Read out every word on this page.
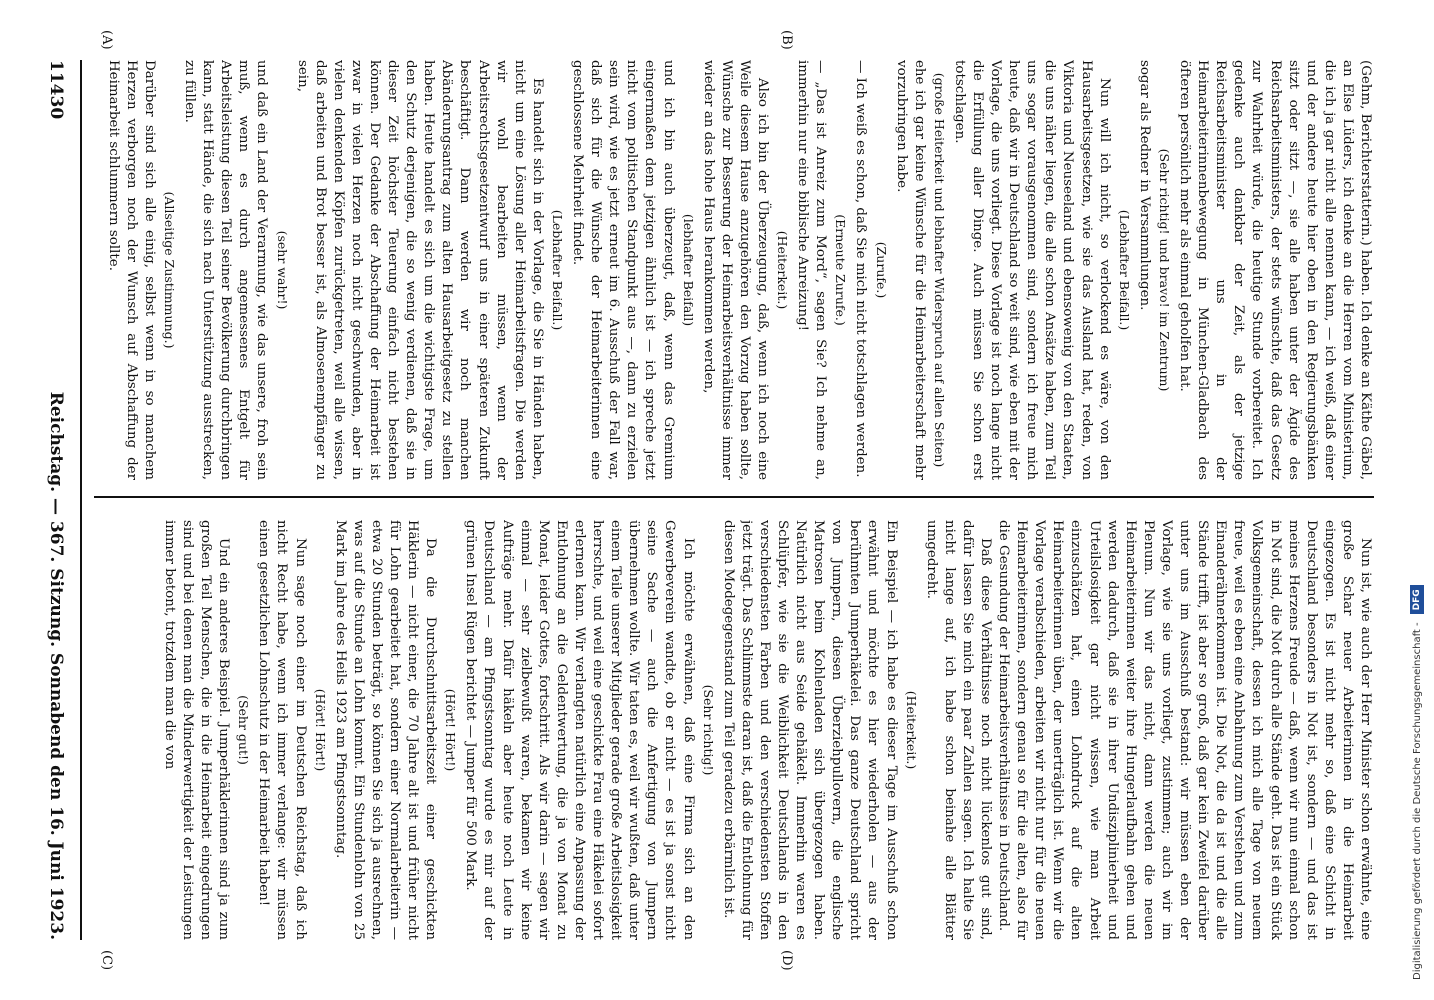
11430
Reichstag. — 367. Sitzung. Sonnabend den 16. Juni 1923.
(A)	(B)
(C)	(D)

(Gehm, Berichterstatterin.) haben. Ich denke an Käthe Gäbel, an Else Lüders, ich denke an die Herren vom Ministerium, die ich ja gar nicht alle nennen kann, — ich weiß, daß einer und der andere heute hier oben in den Regierungsbänken sitzt oder sitzt —, sie alle haben unter der Ägide des Reichsarbeitsministers, der stets wünschte, daß das Gesetz zur Wahrheit würde, die heutige Stunde vorbereitet. Ich gedenke auch dankbar der Zeit, als der jetzige Reichsarbeitsminister uns in der Heimarbeiterinnenbewegung in München-Gladbach des öfteren persönlich mehr als einmal geholfen hat.

(Sehr richtig! und bravo! im Zentrum)

sogar als Redner in Versammlungen.

(Lebhafter Beifall.)

Nun will ich nicht, so verlockend es wäre, von den Hausarbeitsgesetzen, wie sie das Ausland hat, reden, von Viktoria und Neuseeland und ebensowenig von den Staaten, die uns näher liegen, die alle schon Ansätze haben, zum Teil uns sogar vorausgenommen sind, sondern ich freue mich heute, daß wir in Deutschland so weit sind, wie eben mit der Vorlage, die uns vorliegt. Diese Vorlage ist noch lange nicht die Erfüllung aller Dinge. Auch müssen Sie schon erst totschlagen.

(große Heiterkeit und lebhafter Widerspruch auf allen Seiten)

ehe ich gar keine Wünsche für die Heimarbeiterschaft mehr vorzubringen habe.

(Zurufe.)

— Ich weiß es schon, daß Sie mich nicht totschlagen werden.

(Erneute Zurufe.)

— „Das ist Anreiz zum Mord“, sagen Sie? Ich nehme an, immerhin nur eine biblische Anreizung!

(Heiterkeit.)

Also ich bin der Überzeugung, daß, wenn ich noch eine Weile diesem Hause anzugehören den Vorzug haben sollte, Wünsche zur Besserung der Heimarbeitsverhältnisse immer wieder an das hohe Haus herankommen werden,

(lebhafter Beifall)

und ich bin auch überzeugt, daß, wenn das Gremium eingermaßen dem jetzigen ähnlich ist — ich spreche jetzt nicht vom politischen Standpunkt aus —, dann zu erzielen sein wird, wie es jetzt erneut im 6. Ausschuß der Fall war, daß sich für die Wünsche der Heimarbeiterinnen eine geschlossene Mehrheit findet.

(Lebhafter Beifall.)

Es handelt sich in der Vorlage, die Sie in Händen haben, nicht um eine Lösung aller Heimarbeitsfragen. Die werden wir wohl bearbeiten müssen, wenn der Arbeitsrechtsgesetzentwurf uns in einer späteren Zukunft beschäftigt. Dann werden wir noch manchen Abänderungsantrag zum alten Hausarbeitgesetz zu stellen haben. Heute handelt es sich um die wichtigste Frage, um den Schutz derjenigen, die so wenig verdienen, daß sie in dieser Zeit höchster Teuerung einfach nicht bestehen können. Der Gedanke der Abschaffung der Heimarbeit ist zwar in vielen Herzen noch nicht geschwunden, aber in vielen denkenden Köpfen zurückgetreten, weil alle wissen, daß arbeiten und Brot besser ist, als Almosenempfänger zu sein,

(sehr wahr!)

und daß ein Land der Verarmung, wie das unsere, froh sein muß, wenn es durch angemessenes Entgelt für Arbeitsleistung diesen Teil seiner Bevölkerung durchbringen kann, statt Hände, die sich nach Unterstützung ausstrecken, zu füllen.

(Allseitige Zustimmung.)

Darüber sind sich alle einig, selbst wenn in so manchem Herzen verborgen noch der Wunsch auf Abschaffung der Heimarbeit schlummern sollte.

Nun ist, wie auch der Herr Minister schon erwähnte, eine große Schar neuer Arbeiterinnen in die Heimarbeit eingezogen. Es ist nicht mehr so, daß eine Schicht in Deutschland besonders in Not ist, sondern — und das ist meines Herzens Freude — daß, wenn wir nun einmal schon in Not sind, die Not durch alle Stände geht. Das ist ein Stück Volksgemeinschaft, dessen ich mich alle Tage von neuem freue, weil es eben eine Anbahnung zum Verstehen und zum Einanderähnerkommen ist. Die Not, die da ist und die alle Stände trifft, ist aber so groß, daß gar kein Zweifel darüber unter uns im Ausschuß bestand: wir müssen eben der Vorlage, wie sie uns vorliegt, zustimmen; auch wir im Plenum. Nun wir das nicht, dann werden die neuen Heimarbeiterinnen weiter ihre Hungerlaufbahn gehen und werden dadurch, daß sie in ihrer Undisziplinierheit und Urteilslosigkeit gar nicht wissen, wie man Arbeit einzuschätzen hat, einen Lohndruck auf die alten Heimarbeiterinnen üben, der unerträglich ist. Wenn wir die Vorlage verabschieden, arbeiten wir nicht nur für die neuen Heimarbeiterinnen, sondern genau so für die alten, also für die Gesundung der Heimarbeitsverhältnisse in Deutschland.

Daß diese Verhältnisse noch nicht lückenlos gut sind, dafür lassen Sie mich ein paar Zahlen sagen. Ich halte Sie nicht lange auf, ich habe schon beinahe alle Blätter umgedreht.

(Heiterkeit.)

Ein Beispiel — ich habe es dieser Tage im Ausschuß schon erwähnt und möchte es hier wiederholen — aus der berühmten Jumperhäkelei. Das ganze Deutschland spricht von Jumpern, diesen Überziehpullovern, die englische Matrosen beim Kohlenladen sich übergezogen haben. Natürlich nicht aus Seide gehäkelt. Immerhin waren es Schlüpfer, wie sie die Weiblichkeit Deutschlands in den verschiedensten Farben und den verschiedensten Stoffen jetzt trägt. Das Schlimmste daran ist, daß die Entlohnung für diesen Modegegenstand zum Teil geradezu erbärmlich ist.

(Sehr richtig!)

Ich möchte erwähnen, daß eine Firma sich an den Gewerbeverein wandte, ob er nicht — es ist ja sonst nicht seine Sache — auch die Anfertigung von Jumpern übernehmen wollte. Wir taten es, weil wir wußten, daß unter einem Teile unserer Mitglieder gerade große Arbeitslosigkeit herrschte, und weil eine geschickte Frau eine Häkelei sofort erlernen kann. Wir verlangten natürlich eine Anpassung der Entlohnung an die Geldentwertung, die ja von Monat zu Monat, leider Gottes, fortschritt. Als wir darin — sagen wir einmal — sehr zielbewußt waren, bekamen wir keine Aufträge mehr. Dafür häkeln aber heute noch Leute in Deutschland — am Pfingstsonntag wurde es mir auf der grünen Insel Rügen berichtet — Jumper für 500 Mark.

(Hört! Hört!)

Da die Durchschnittsarbeitszeit einer geschickten Häklerin — nicht einer, die 70 Jahre alt ist und früher nicht für Lohn gearbeitet hat, sondern einer Normalarbeiterin — etwa 20 Stunden beträgt, so können Sie sich ja ausrechnen, was auf die Stunde an Lohn kommt. Ein Stundenlohn von 25 Mark im Jahre des Heils 1923 am Pfingstsonntag.

(Hört! Hört!)

Nun sage noch einer im Deutschen Reichstag, daß ich nicht Recht habe, wenn ich immer verlange: wir müssen einen gesetzlichen Lohnschutz in der Heimarbeit haben!

(Sehr gut!)

Und ein anderes Beispiel. Jumperhäklerinnen sind ja zum großen Teil Menschen, die in die Heimarbeit eingedrungen sind und bei denen man die Minderwertigkeit der Leistungen immer betont, trotzdem man die von	Digitalisierung gefördert durch die Deutsche Forschungsgemeinschaft -
DFG
